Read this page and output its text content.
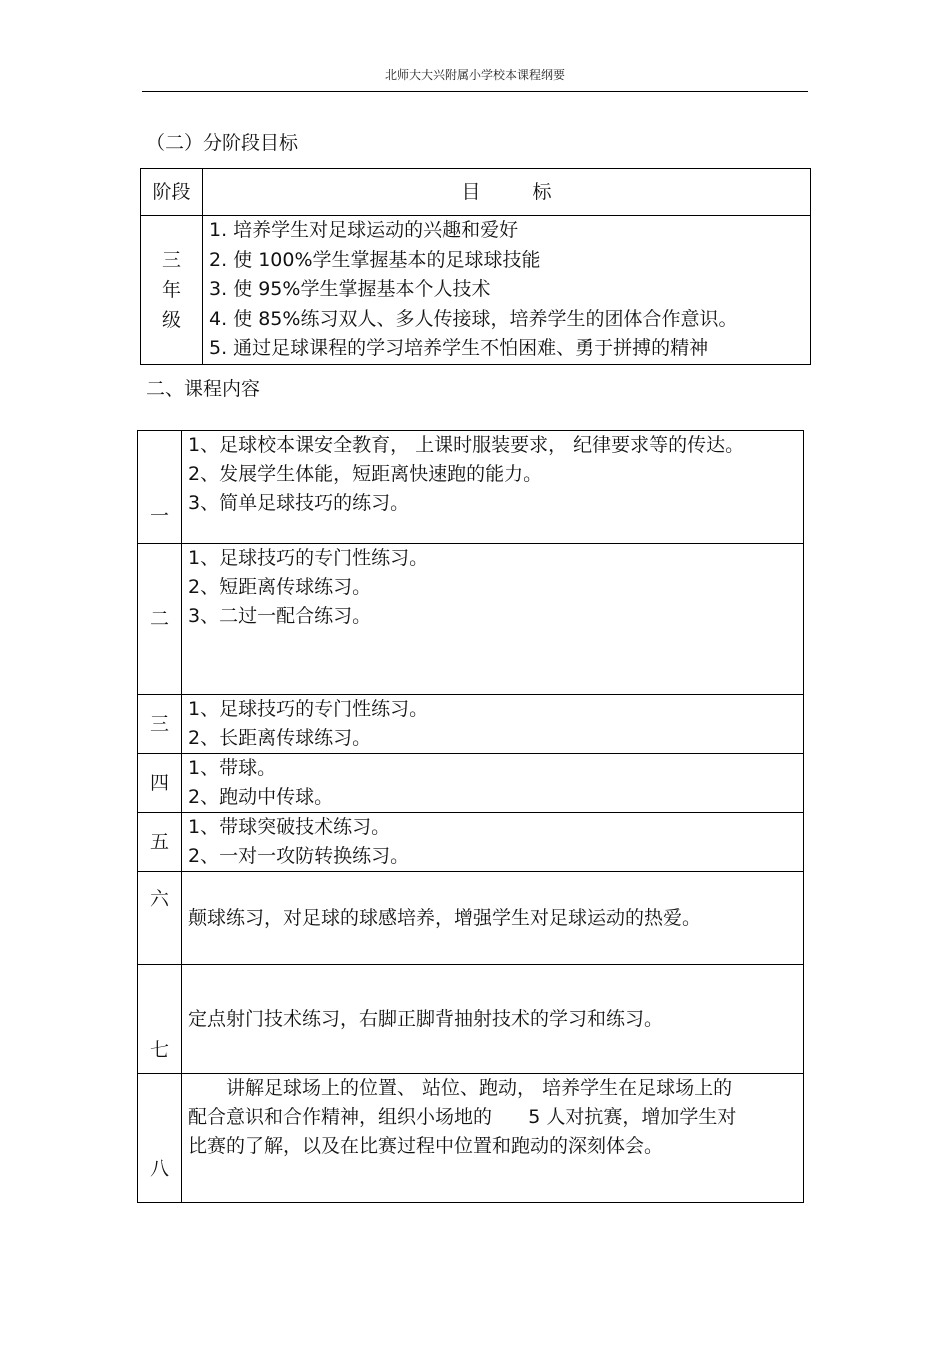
北师大大兴附属小学校本课程纲要
（二）分阶段目标
阶段	目 标

三
年
级	1. 培养学生对足球运动的兴趣和爱好
2. 使 100%学生掌握基本的足球球技能
3. 使 95%学生掌握基本个人技术
4. 使 85%练习双人、多人传接球，培养学生的团体合作意识。
5. 通过足球课程的学习培养学生不怕困难、勇于拼搏的精神
二、课程内容
一	1、足球校本课安全教育， 上课时服装要求， 纪律要求等的传达。
2、发展学生体能，短距离快速跑的能力。
3、简单足球技巧的练习。

二	1、足球技巧的专门性练习。
2、短距离传球练习。
3、二过一配合练习。

三	1、足球技巧的专门性练习。
2、长距离传球练习。

四	1、带球。
2、跑动中传球。

五	1、带球突破技术练习。
2、一对一攻防转换练习。

六	颠球练习，对足球的球感培养，增强学生对足球运动的热爱。

七	定点射门技术练习，右脚正脚背抽射技术的学习和练习。

八	讲解足球场上的位置、 站位、跑动， 培养学生在足球场上的
配合意识和合作精神，组织小场地的      5 人对抗赛，增加学生对
比赛的了解，以及在比赛过程中位置和跑动的深刻体会。
